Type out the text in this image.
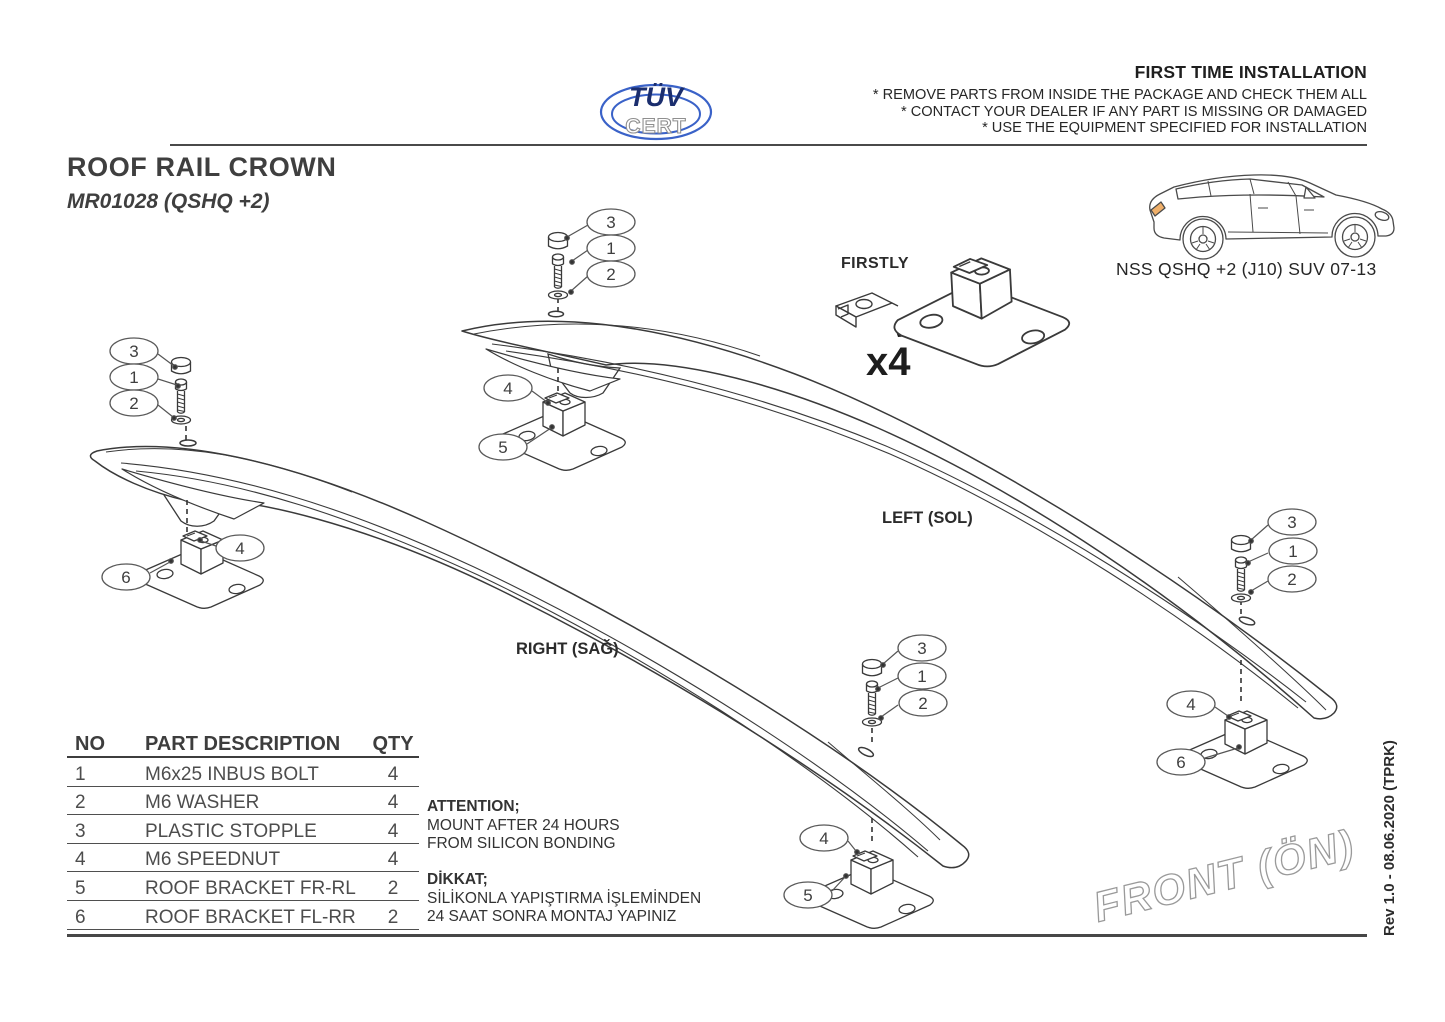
TÜV
CERT
3
1
2
3
1
2
3
1
2
3
1
2
4
5
4
6
4
5
4
6
FRONT (ÖN)
FIRST TIME INSTALLATION
* REMOVE PARTS FROM INSIDE THE PACKAGE AND CHECK THEM ALL
* CONTACT YOUR DEALER IF ANY PART IS MISSING OR DAMAGED
* USE THE EQUIPMENT SPECIFIED FOR INSTALLATION
ROOF RAIL CROWN
MR01028 (QSHQ +2)
FIRSTLY
x4
NSS QSHQ +2 (J10) SUV 07-13
LEFT (SOL)
RIGHT (SAĞ)
NO	PART DESCRIPTION	QTY
1	M6x25 INBUS BOLT	4
2	M6 WASHER	4
3	PLASTIC STOPPLE	4
4	M6 SPEEDNUT	4
5	ROOF BRACKET FR-RL	2
6	ROOF BRACKET FL-RR	2
ATTENTION;
MOUNT AFTER 24 HOURS
FROM SILICON BONDING
DİKKAT;
SİLİKONLA YAPIŞTIRMA İŞLEMİNDEN
24 SAAT SONRA MONTAJ YAPINIZ	Rev 1.0 - 08.06.2020 (TPRK)
